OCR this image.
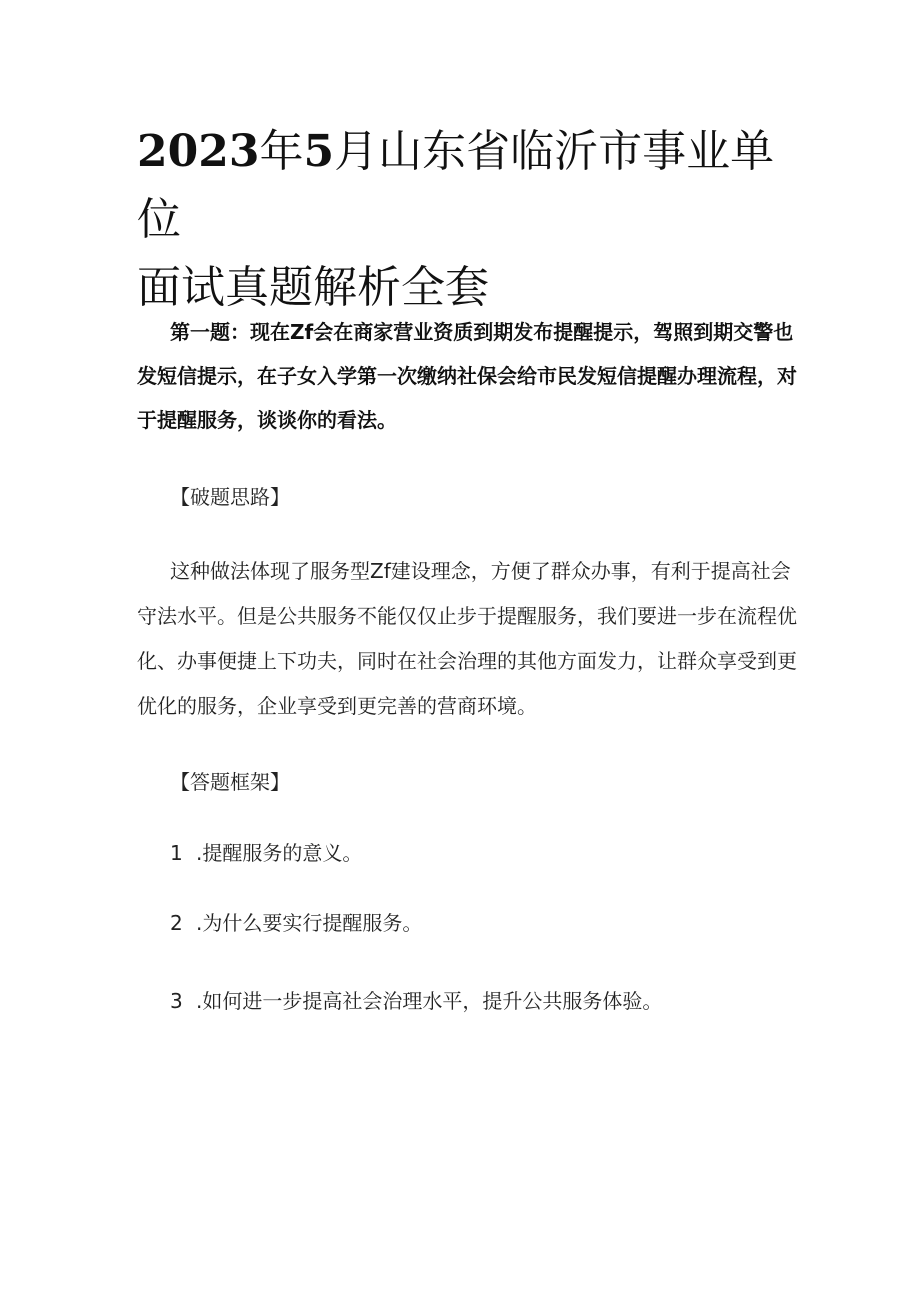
2023年5月山东省临沂市事业单位
面试真题解析全套

第一题：现在Zf会在商家营业资质到期发布提醒提示，驾照到期交警也发短信提示，在子女入学第一次缴纳社保会给市民发短信提醒办理流程，对于提醒服务，谈谈你的看法。

【破题思路】

这种做法体现了服务型Zf建设理念，方便了群众办事，有利于提高社会守法水平。但是公共服务不能仅仅止步于提醒服务，我们要进一步在流程优化、办事便捷上下功夫，同时在社会治理的其他方面发力，让群众享受到更优化的服务，企业享受到更完善的营商环境。

【答题框架】

1 .提醒服务的意义。

2 .为什么要实行提醒服务。

3 .如何进一步提高社会治理水平，提升公共服务体验。
